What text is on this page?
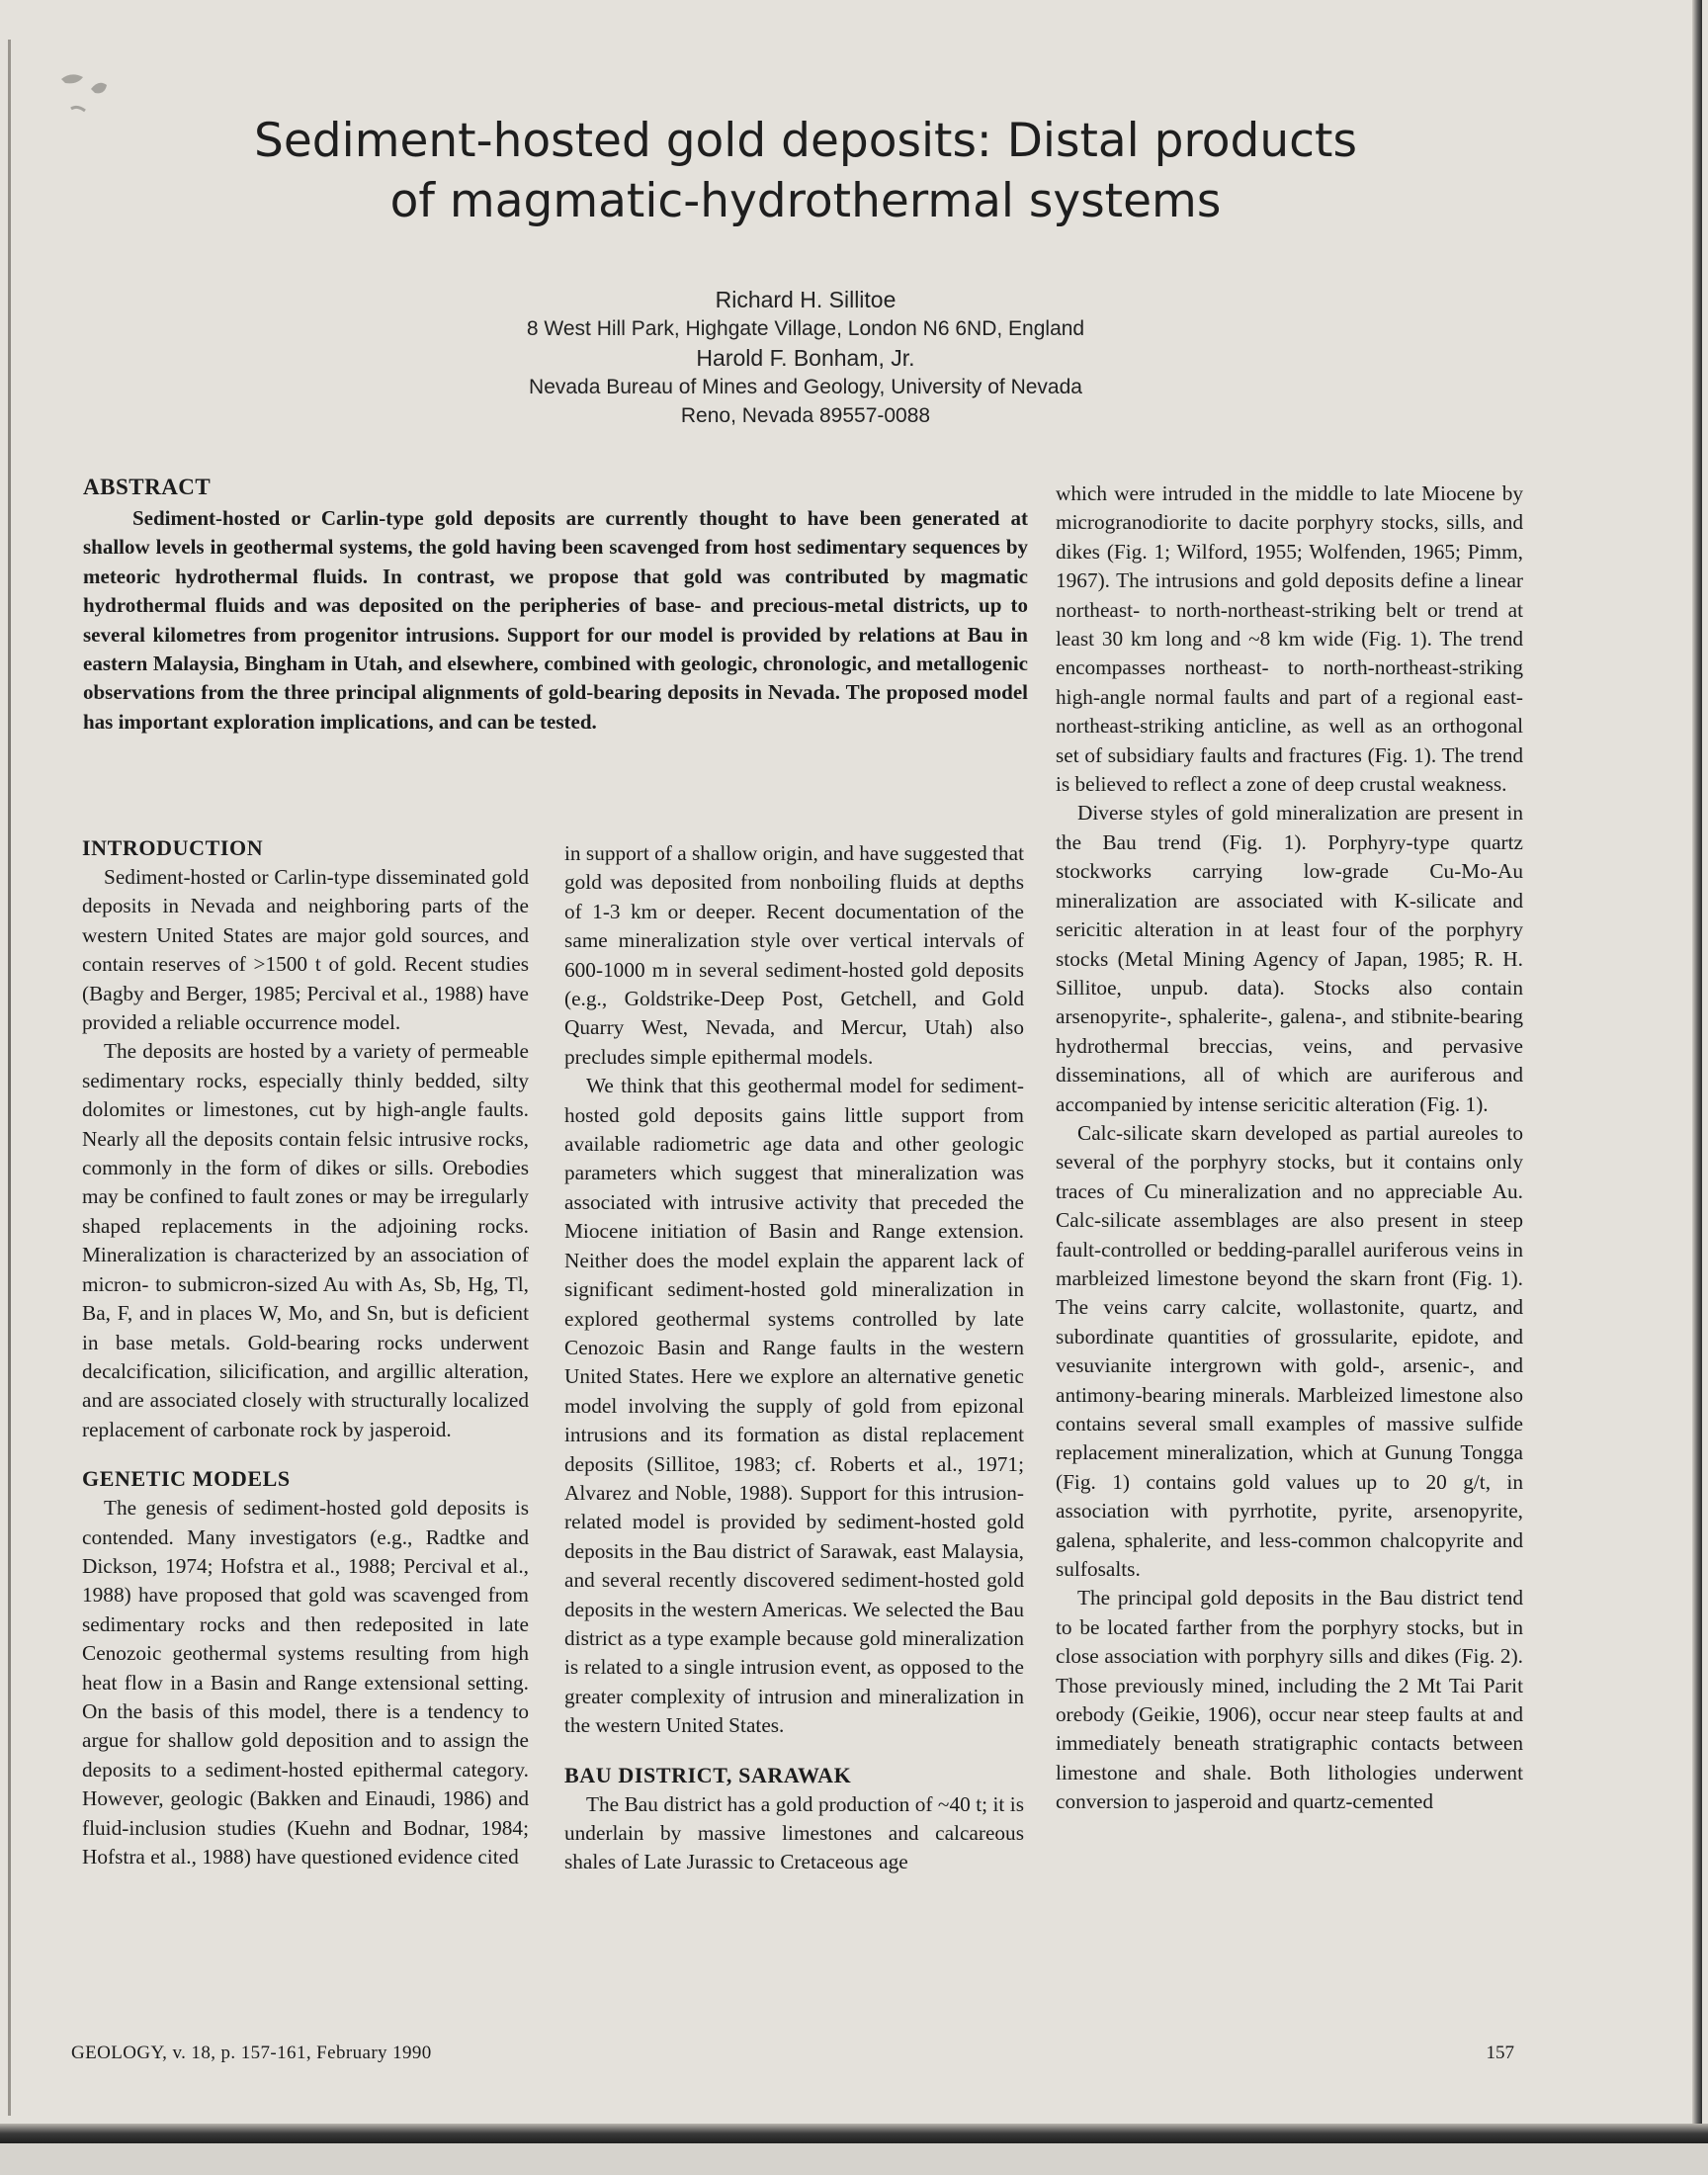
Sediment-hosted gold deposits: Distal products
of magmatic-hydrothermal systems
Richard H. Sillitoe
8 West Hill Park, Highgate Village, London N6 6ND, England
Harold F. Bonham, Jr.
Nevada Bureau of Mines and Geology, University of Nevada
Reno, Nevada 89557-0088
ABSTRACT

Sediment-hosted or Carlin-type gold deposits are currently thought to have been generated at shallow levels in geothermal systems, the gold having been scavenged from host sedimentary sequences by meteoric hydrothermal fluids. In contrast, we propose that gold was contributed by magmatic hydrothermal fluids and was deposited on the peripheries of base- and precious-metal districts, up to several kilometres from progenitor intrusions. Support for our model is provided by relations at Bau in eastern Malaysia, Bingham in Utah, and elsewhere, combined with geologic, chronologic, and metallogenic observations from the three principal alignments of gold-bearing deposits in Nevada. The proposed model has important exploration implications, and can be tested.

INTRODUCTION

Sediment-hosted or Carlin-type disseminated gold deposits in Nevada and neighboring parts of the western United States are major gold sources, and contain reserves of >1500 t of gold. Recent studies (Bagby and Berger, 1985; Percival et al., 1988) have provided a reliable occurrence model.

The deposits are hosted by a variety of permeable sedimentary rocks, especially thinly bedded, silty dolomites or limestones, cut by high-angle faults. Nearly all the deposits contain felsic intrusive rocks, commonly in the form of dikes or sills. Orebodies may be confined to fault zones or may be irregularly shaped replacements in the adjoining rocks. Mineralization is characterized by an association of micron- to submicron-sized Au with As, Sb, Hg, Tl, Ba, F, and in places W, Mo, and Sn, but is deficient in base metals. Gold-bearing rocks underwent decalcification, silicification, and argillic alteration, and are associated closely with structurally localized replacement of carbonate rock by jasperoid.

GENETIC MODELS

The genesis of sediment-hosted gold deposits is contended. Many investigators (e.g., Radtke and Dickson, 1974; Hofstra et al., 1988; Percival et al., 1988) have proposed that gold was scavenged from sedimentary rocks and then redeposited in late Cenozoic geothermal systems resulting from high heat flow in a Basin and Range extensional setting. On the basis of this model, there is a tendency to argue for shallow gold deposition and to assign the deposits to a sediment-hosted epithermal category. However, geologic (Bakken and Einaudi, 1986) and fluid-inclusion studies (Kuehn and Bodnar, 1984; Hofstra et al., 1988) have questioned evidence cited

in support of a shallow origin, and have suggested that gold was deposited from nonboiling fluids at depths of 1-3 km or deeper. Recent documentation of the same mineralization style over vertical intervals of 600-1000 m in several sediment-hosted gold deposits (e.g., Goldstrike-Deep Post, Getchell, and Gold Quarry West, Nevada, and Mercur, Utah) also precludes simple epithermal models.

We think that this geothermal model for sediment-hosted gold deposits gains little support from available radiometric age data and other geologic parameters which suggest that mineralization was associated with intrusive activity that preceded the Miocene initiation of Basin and Range extension. Neither does the model explain the apparent lack of significant sediment-hosted gold mineralization in explored geothermal systems controlled by late Cenozoic Basin and Range faults in the western United States. Here we explore an alternative genetic model involving the supply of gold from epizonal intrusions and its formation as distal replacement deposits (Sillitoe, 1983; cf. Roberts et al., 1971; Alvarez and Noble, 1988). Support for this intrusion-related model is provided by sediment-hosted gold deposits in the Bau district of Sarawak, east Malaysia, and several recently discovered sediment-hosted gold deposits in the western Americas. We selected the Bau district as a type example because gold mineralization is related to a single intrusion event, as opposed to the greater complexity of intrusion and mineralization in the western United States.

BAU DISTRICT, SARAWAK

The Bau district has a gold production of ~40 t; it is underlain by massive limestones and calcareous shales of Late Jurassic to Cretaceous age

which were intruded in the middle to late Miocene by microgranodiorite to dacite porphyry stocks, sills, and dikes (Fig. 1; Wilford, 1955; Wolfenden, 1965; Pimm, 1967). The intrusions and gold deposits define a linear northeast- to north-northeast-striking belt or trend at least 30 km long and ~8 km wide (Fig. 1). The trend encompasses northeast- to north-northeast-striking high-angle normal faults and part of a regional east-northeast-striking anticline, as well as an orthogonal set of subsidiary faults and fractures (Fig. 1). The trend is believed to reflect a zone of deep crustal weakness.

Diverse styles of gold mineralization are present in the Bau trend (Fig. 1). Porphyry-type quartz stockworks carrying low-grade Cu-Mo-Au mineralization are associated with K-silicate and sericitic alteration in at least four of the porphyry stocks (Metal Mining Agency of Japan, 1985; R. H. Sillitoe, unpub. data). Stocks also contain arsenopyrite-, sphalerite-, galena-, and stibnite-bearing hydrothermal breccias, veins, and pervasive disseminations, all of which are auriferous and accompanied by intense sericitic alteration (Fig. 1).

Calc-silicate skarn developed as partial aureoles to several of the porphyry stocks, but it contains only traces of Cu mineralization and no appreciable Au. Calc-silicate assemblages are also present in steep fault-controlled or bedding-parallel auriferous veins in marbleized limestone beyond the skarn front (Fig. 1). The veins carry calcite, wollastonite, quartz, and subordinate quantities of grossularite, epidote, and vesuvianite intergrown with gold-, arsenic-, and antimony-bearing minerals. Marbleized limestone also contains several small examples of massive sulfide replacement mineralization, which at Gunung Tongga (Fig. 1) contains gold values up to 20 g/t, in association with pyrrhotite, pyrite, arsenopyrite, galena, sphalerite, and less-common chalcopyrite and sulfosalts.

The principal gold deposits in the Bau district tend to be located farther from the porphyry stocks, but in close association with porphyry sills and dikes (Fig. 2). Those previously mined, including the 2 Mt Tai Parit orebody (Geikie, 1906), occur near steep faults at and immediately beneath stratigraphic contacts between limestone and shale. Both lithologies underwent conversion to jasperoid and quartz-cemented

GEOLOGY, v. 18, p. 157-161, February 1990	157
